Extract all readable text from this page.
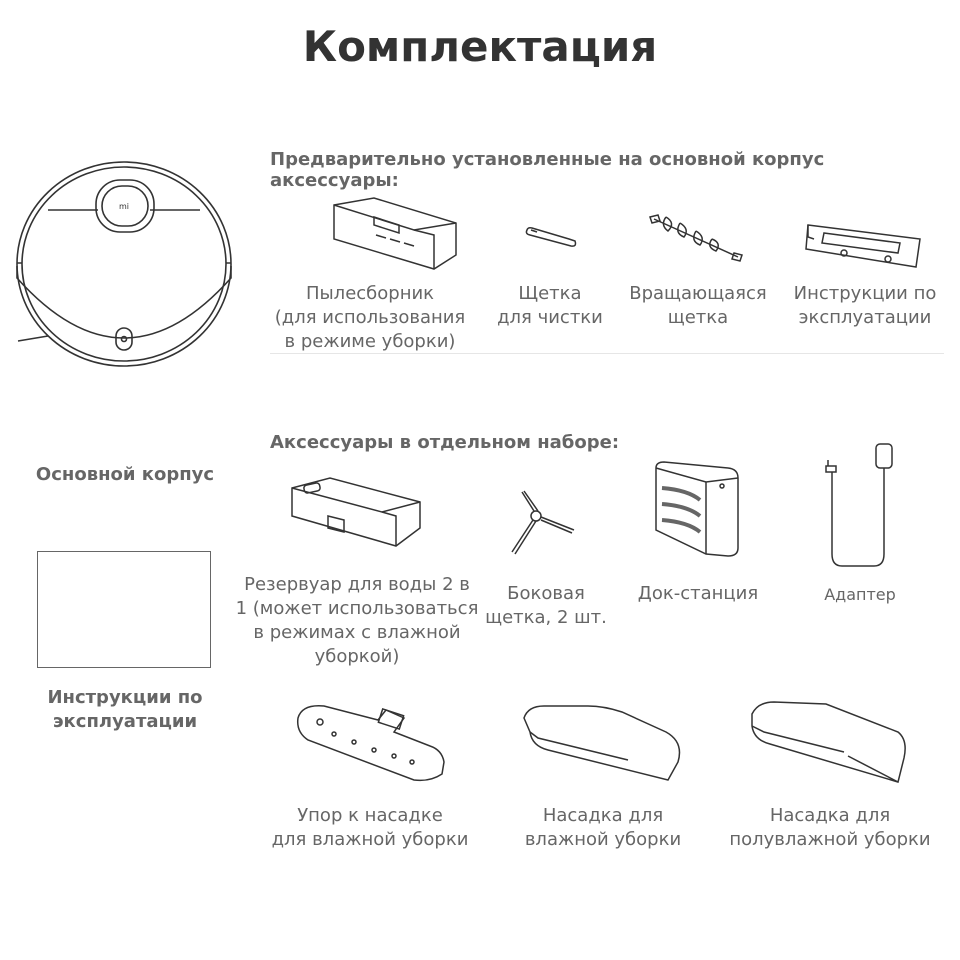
Комплектация
mi
Основной корпус
Инструкции по
эксплуатации
Предварительно установленные на основной корпус аксессуары:
Пылесборник
(для использования
в режиме уборки)
Щетка
для чистки
Вращающаяся
щетка
Инструкции по
эксплуатации
Аксессуары в отдельном наборе:
Резервуар для воды 2 в
1 (может использоваться
в режимах с влажной
уборкой)
Боковая
щетка, 2 шт.
Док-станция	Адаптер
Упор к насадке
для влажной уборки
Насадка для
влажной уборки
Насадка для
полувлажной уборки
